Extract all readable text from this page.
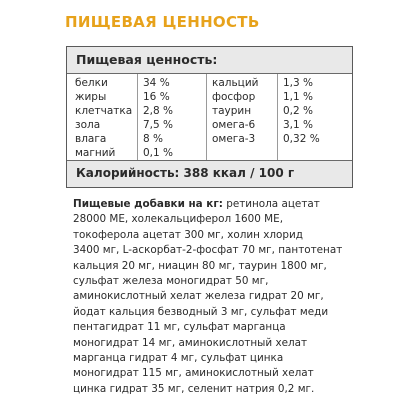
ПИЩЕВАЯ ЦЕННОСТЬ
Пищевая ценность:
белки	34 %	кальций 1,3 %
жиры	16 %	фосфор	1,1 %
клетчатка 2,8 %	таурин	0,2 %
зола	7,5 %	омега-6	3,1 %
влага	8 %	омега-3	0,32 %
магний	0,1 %
Калорийность: 388 ккал / 100 г
Пищевые добавки на кг: ретинола ацетат
28000 МЕ, холекальциферол 1600 МЕ,
токоферола ацетат 300 мг, холин хлорид
3400 мг, L-аскорбат-2-фосфат 70 мг, пантотенат
кальция 20 мг, ниацин 80 мг, таурин 1800 мг,
сульфат железа моногидрат 50 мг,
аминокислотный хелат железа гидрат 20 мг,
йодат кальция безводный 3 мг, сульфат меди
пентагидрат 11 мг, сульфат марганца
моногидрат 14 мг, аминокислотный хелат
марганца гидрат 4 мг, сульфат цинка
моногидрат 115 мг, аминокислотный хелат
цинка гидрат 35 мг, селенит натрия 0,2 мг.
